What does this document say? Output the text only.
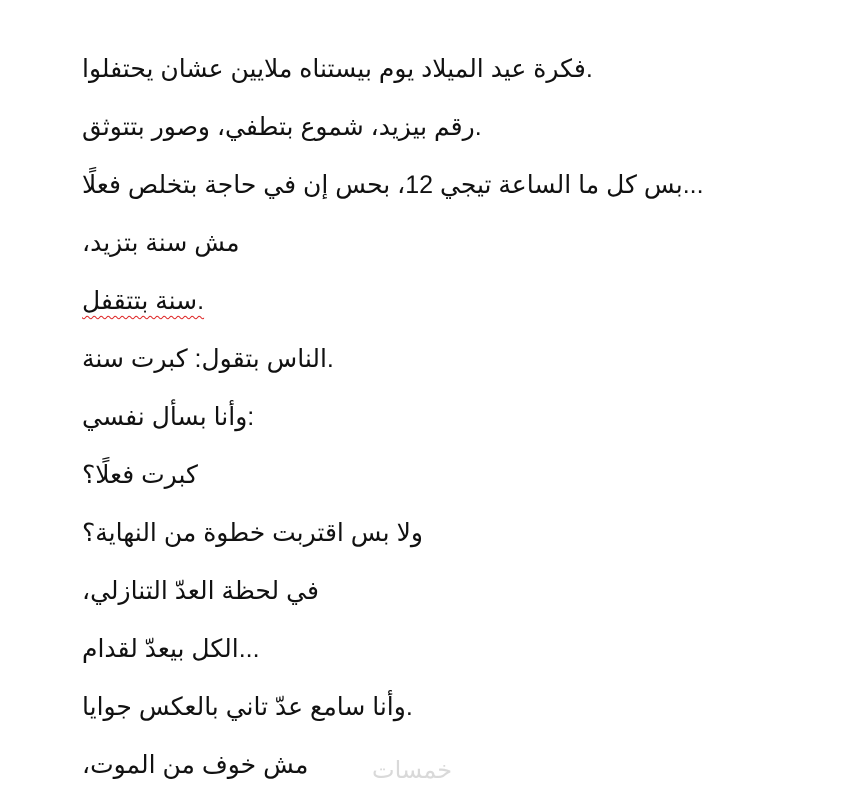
.فكرة عيد الميلاد يوم بيستناه ملايين عشان يحتفلوا
.رقم بيزيد، شموع بتطفي، وصور بتتوثق
...بس كل ما الساعة تيجي 12، بحس إن في حاجة بتخلص فعلًا
مش سنة بتزيد،
.سنة بتتقفل
.الناس بتقول: كبرت سنة
:وأنا بسأل نفسي
كبرت فعلًا؟
ولا بس اقتربت خطوة من النهاية؟
في لحظة العدّ التنازلي،
...الكل بيعدّ لقدام
.وأنا سامع عدّ تاني بالعكس جوايا
مش خوف من الموت،	خمسات
